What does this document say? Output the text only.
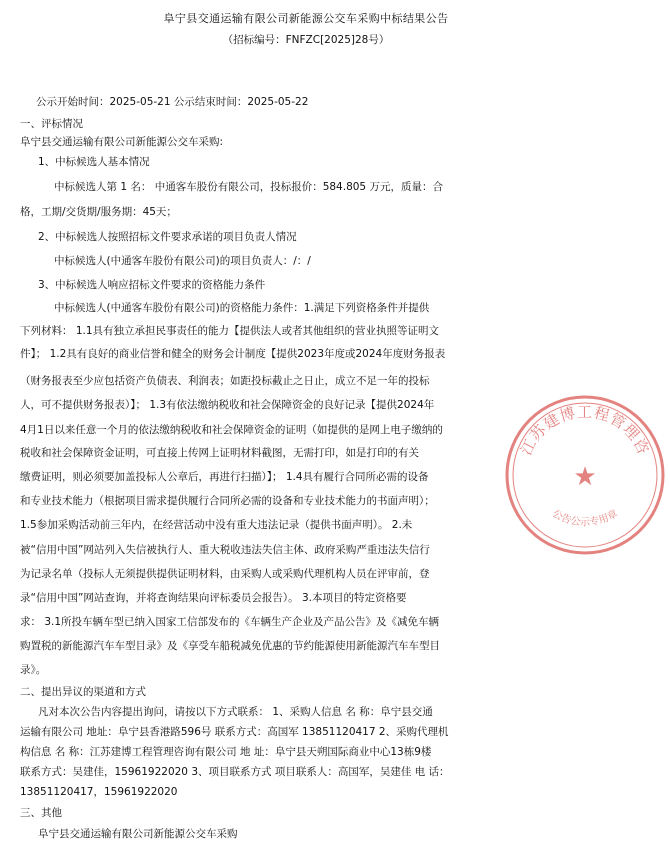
阜宁县交通运输有限公司新能源公交车采购中标结果公告
（招标编号：FNFZC[2025]28号）
公示开始时间：2025-05-21 公示结束时间：2025-05-22
一、评标情况
阜宁县交通运输有限公司新能源公交车采购:
1、中标候选人基本情况
中标候选人第 1 名： 中通客车股份有限公司，投标报价：584.805 万元，质量：合
格，工期/交货期/服务期：45天；
2、中标候选人按照招标文件要求承诺的项目负责人情况
中标候选人(中通客车股份有限公司)的项目负责人：/：/
3、中标候选人响应招标文件要求的资格能力条件
中标候选人(中通客车股份有限公司)的资格能力条件：1.满足下列资格条件并提供
下列材料： 1.1具有独立承担民事责任的能力【提供法人或者其他组织的营业执照等证明文
件】； 1.2具有良好的商业信誉和健全的财务会计制度【提供2023年度或2024年度财务报表
（财务报表至少应包括资产负债表、利润表；如距投标截止之日止，成立不足一年的投标
人，可不提供财务报表）】； 1.3有依法缴纳税收和社会保障资金的良好记录【提供2024年
4月1日以来任意一个月的依法缴纳税收和社会保障资金的证明（如提供的是网上电子缴纳的
税收和社会保障资金证明，可直接上传网上证明材料截图，无需打印，如是打印的有关
缴费证明，则必须要加盖投标人公章后，再进行扫描）】； 1.4具有履行合同所必需的设备
和专业技术能力（根据项目需求提供履行合同所必需的设备和专业技术能力的书面声明）；
1.5参加采购活动前三年内，在经营活动中没有重大违法记录（提供书面声明）。 2.未
被“信用中国”网站列入失信被执行人、重大税收违法失信主体、政府采购严重违法失信行
为记录名单（投标人无须提供提供证明材料，由采购人或采购代理机构人员在评审前，登
录“信用中国”网站查询，并将查询结果向评标委员会报告）。 3.本项目的特定资格要
求： 3.1所投车辆车型已纳入国家工信部发布的《车辆生产企业及产品公告》及《减免车辆
购置税的新能源汽车车型目录》及《享受车船税减免优惠的节约能源使用新能源汽车车型目
录》。
二、提出异议的渠道和方式
凡对本次公告内容提出询问，请按以下方式联系： 1、采购人信息 名 称：阜宁县交通
运输有限公司 地址：阜宁县香港路596号 联系方式：高国军 13851120417 2、采购代理机
构信息 名 称：江苏建博工程管理咨询有限公司 地 址：阜宁县天朔国际商业中心13栋9楼
联系方式：吴建佳，15961922020 3、项目联系方式 项目联系人：高国军，吴建佳 电 话：
13851120417，15961922020
三、其他
阜宁县交通运输有限公司新能源公交车采购
江苏建博工程管理咨
★
公告公示专用章
